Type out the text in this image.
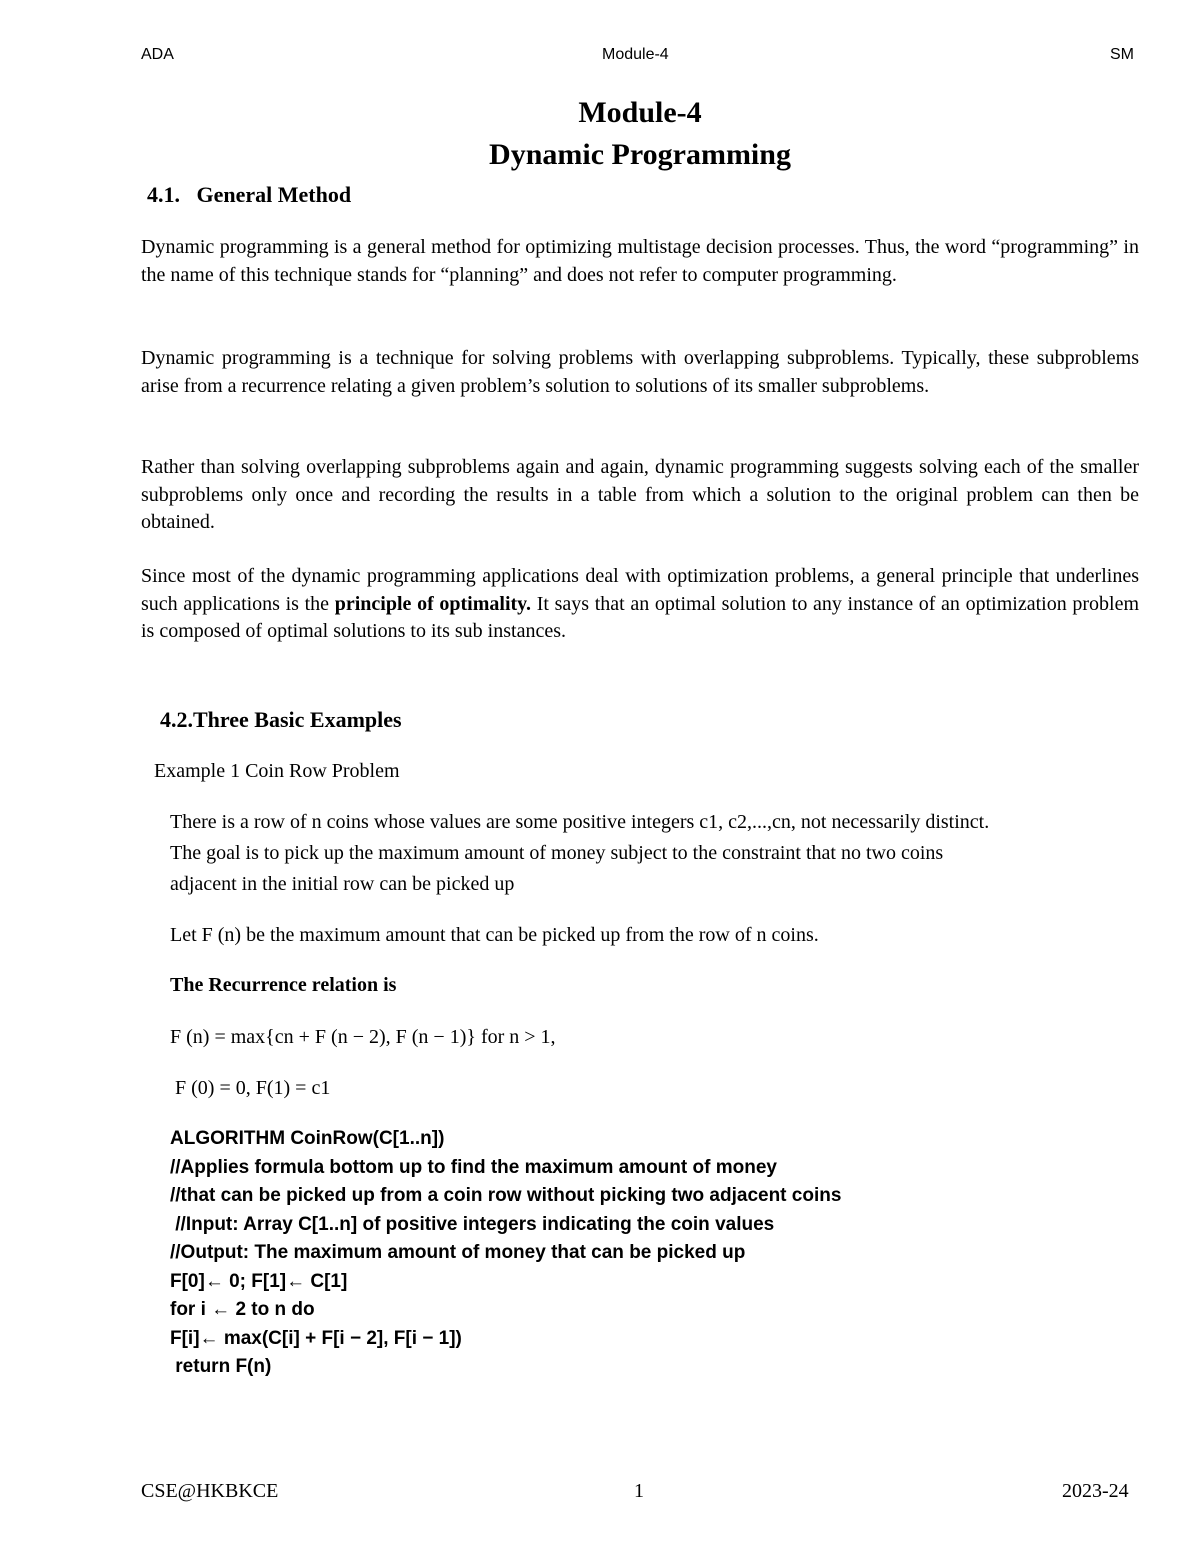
ADA	Module-4	SM
Module-4
Dynamic Programming
4.1.   General Method

Dynamic programming is a general method for optimizing multistage decision processes. Thus, the word “programming” in the name of this technique stands for “planning” and does not refer to computer programming.

Dynamic programming is a technique for solving problems with overlapping subproblems. Typically, these subproblems arise from a recurrence relating a given problem’s solution to solutions of its smaller subproblems.

Rather than solving overlapping subproblems again and again, dynamic programming suggests solving each of the smaller subproblems only once and recording the results in a table from which a solution to the original problem can then be obtained.

Since most of the dynamic programming applications deal with optimization problems, a general principle that underlines such applications is the principle of optimality. It says that an optimal solution to any instance of an optimization problem is composed of optimal solutions to its sub instances.

4.2.Three Basic Examples
Example 1 Coin Row Problem
There is a row of n coins whose values are some positive integers c1, c2,...,cn, not necessarily distinct.
The goal is to pick up the maximum amount of money subject to the constraint that no two coins
adjacent in the initial row can be picked up
Let F (n) be the maximum amount that can be picked up from the row of n coins.
The Recurrence relation is
F (n) = max{cn + F (n − 2), F (n − 1)} for n > 1,
F (0) = 0, F(1) = c1
ALGORITHM CoinRow(C[1..n])
//Applies formula bottom up to find the maximum amount of money
//that can be picked up from a coin row without picking two adjacent coins
//Input: Array C[1..n] of positive integers indicating the coin values
//Output: The maximum amount of money that can be picked up
F[0]← 0; F[1]← C[1]
for i ← 2 to n do
F[i]← max(C[i] + F[i − 2], F[i − 1])
return F(n)
CSE@HKBKCE	1	2023-24
